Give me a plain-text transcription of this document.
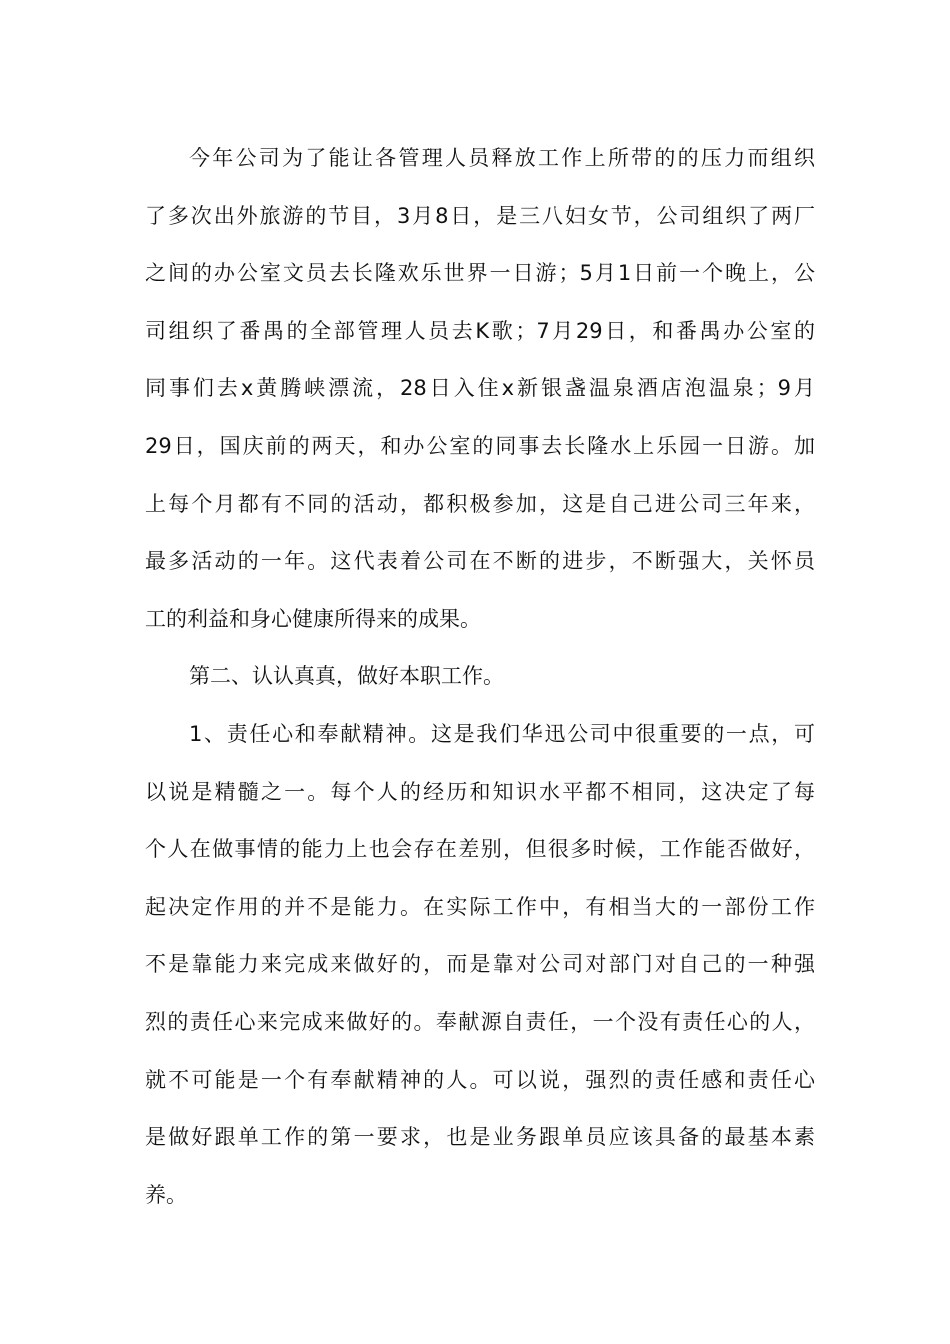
今年公司为了能让各管理人员释放工作上所带的的压力而组织
了多次出外旅游的节目，3月8日，是三八妇女节，公司组织了两厂
之间的办公室文员去长隆欢乐世界一日游；5月1日前一个晚上，公
司组织了番禺的全部管理人员去K歌；7月29日，和番禺办公室的
同事们去x黄腾峡漂流，28日入住x新银盏温泉酒店泡温泉；9月
29日，国庆前的两天，和办公室的同事去长隆水上乐园一日游。加
上每个月都有不同的活动，都积极参加，这是自己进公司三年来，
最多活动的一年。这代表着公司在不断的进步，不断强大，关怀员
工的利益和身心健康所得来的成果。
第二、认认真真，做好本职工作。
1、责任心和奉献精神。这是我们华迅公司中很重要的一点，可
以说是精髓之一。每个人的经历和知识水平都不相同，这决定了每
个人在做事情的能力上也会存在差别，但很多时候，工作能否做好，
起决定作用的并不是能力。在实际工作中，有相当大的一部份工作
不是靠能力来完成来做好的，而是靠对公司对部门对自己的一种强
烈的责任心来完成来做好的。奉献源自责任，一个没有责任心的人，
就不可能是一个有奉献精神的人。可以说，强烈的责任感和责任心
是做好跟单工作的第一要求，也是业务跟单员应该具备的最基本素
养。
